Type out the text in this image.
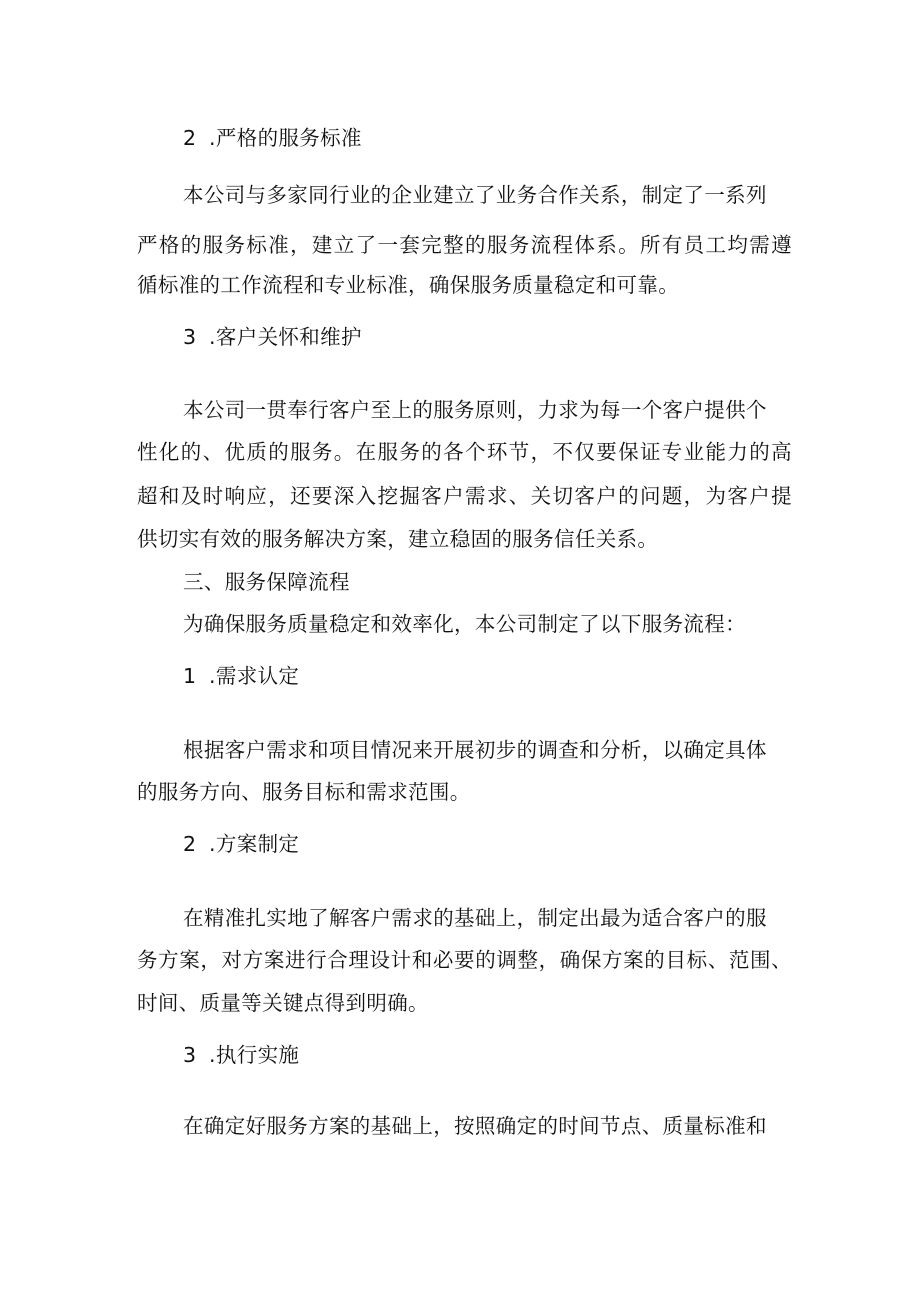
2 .严格的服务标准
本公司与多家同行业的企业建立了业务合作关系，制定了一系列
严格的服务标准，建立了一套完整的服务流程体系。所有员工均需遵
循标准的工作流程和专业标准，确保服务质量稳定和可靠。
3 .客户关怀和维护
本公司一贯奉行客户至上的服务原则，力求为每一个客户提供个
性化的、优质的服务。在服务的各个环节，不仅要保证专业能力的高
超和及时响应，还要深入挖掘客户需求、关切客户的问题，为客户提
供切实有效的服务解决方案，建立稳固的服务信任关系。
三、服务保障流程
为确保服务质量稳定和效率化，本公司制定了以下服务流程：
1 .需求认定
根据客户需求和项目情况来开展初步的调查和分析，以确定具体
的服务方向、服务目标和需求范围。
2 .方案制定
在精准扎实地了解客户需求的基础上，制定出最为适合客户的服
务方案，对方案进行合理设计和必要的调整，确保方案的目标、范围、
时间、质量等关键点得到明确。
3 .执行实施
在确定好服务方案的基础上，按照确定的时间节点、质量标准和
